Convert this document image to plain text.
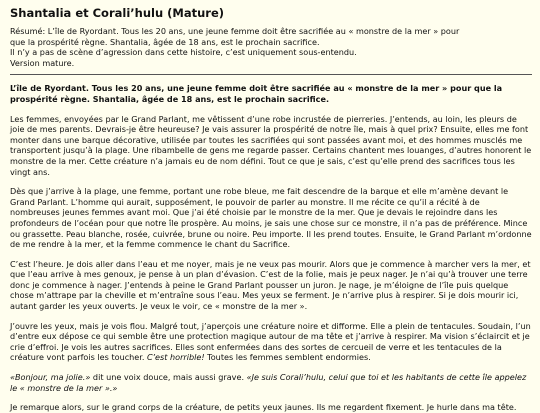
Shantalia et Corali’hulu (Mature)
Résumé: L’île de Ryordant. Tous les 20 ans, une jeune femme doit être sacrifiée au « monstre de la mer » pour
que la prospérité règne. Shantalia, âgée de 18 ans, est le prochain sacrifice.
Il n’y a pas de scène d’agression dans cette histoire, c’est uniquement sous-entendu.
Version mature.

L’île de Ryordant. Tous les 20 ans, une jeune femme doit être sacrifiée au « monstre de la mer » pour que la prospérité règne. Shantalia, âgée de 18 ans, est le prochain sacrifice.

Les femmes, envoyées par le Grand Parlant, me vêtissent d’une robe incrustée de pierreries. J’entends, au loin, les pleurs de joie de mes parents. Devrais-je être heureuse? Je vais assurer la prospérité de notre île, mais à quel prix? Ensuite, elles me font monter dans une barque décorative, utilisée par toutes les sacrifiées qui sont passées avant moi, et des hommes musclés me transportent jusqu’à la plage. Une ribambelle de gens me regarde passer. Certains chantent mes louanges, d’autres honorent le monstre de la mer. Cette créature n’a jamais eu de nom défini. Tout ce que je sais, c’est qu’elle prend des sacrifices tous les vingt ans.

Dès que j’arrive à la plage, une femme, portant une robe bleue, me fait descendre de la barque et elle m’amène devant le Grand Parlant. L’homme qui aurait, supposément, le pouvoir de parler au monstre. Il me récite ce qu’il a récité à de nombreuses jeunes femmes avant moi. Que j’ai été choisie par le monstre de la mer. Que je devais le rejoindre dans les profondeurs de l’océan pour que notre île prospère. Au moins, je sais une chose sur ce monstre, il n’a pas de préférence. Mince ou grassette. Peau blanche, rosée, cuivrée, brune ou noire. Peu importe. Il les prend toutes. Ensuite, le Grand Parlant m’ordonne de me rendre à la mer, et la femme commence le chant du Sacrifice.

C’est l’heure. Je dois aller dans l’eau et me noyer, mais je ne veux pas mourir. Alors que je commence à marcher vers la mer, et que l’eau arrive à mes genoux, je pense à un plan d’évasion. C’est de la folie, mais je peux nager. Je n’ai qu’à trouver une terre donc je commence à nager. J’entends à peine le Grand Parlant pousser un juron. Je nage, je m’éloigne de l’île puis quelque chose m’attrape par la cheville et m’entraîne sous l’eau. Mes yeux se ferment. Je n’arrive plus à respirer. Si je dois mourir ici, autant garder les yeux ouverts. Je veux le voir, ce « monstre de la mer ».

J’ouvre les yeux, mais je vois flou. Malgré tout, j’aperçois une créature noire et difforme. Elle a plein de tentacules. Soudain, l’un d’entre eux dépose ce qui semble être une protection magique autour de ma tête et j’arrive à respirer. Ma vision s’éclaircit et je crie d’effroi. Je vois les autres sacrifices. Elles sont enfermées dans des sortes de cercueil de verre et les tentacules de la créature vont parfois les toucher. C’est horrible! Toutes les femmes semblent endormies.

«Bonjour, ma jolie.» dit une voix douce, mais aussi grave. «Je suis Corali’hulu, celui que toi et les habitants de cette île appelez le « monstre de la mer ».»

Je remarque alors, sur le grand corps de la créature, de petits yeux jaunes. Ils me regardent fixement. Je hurle dans ma tête.
